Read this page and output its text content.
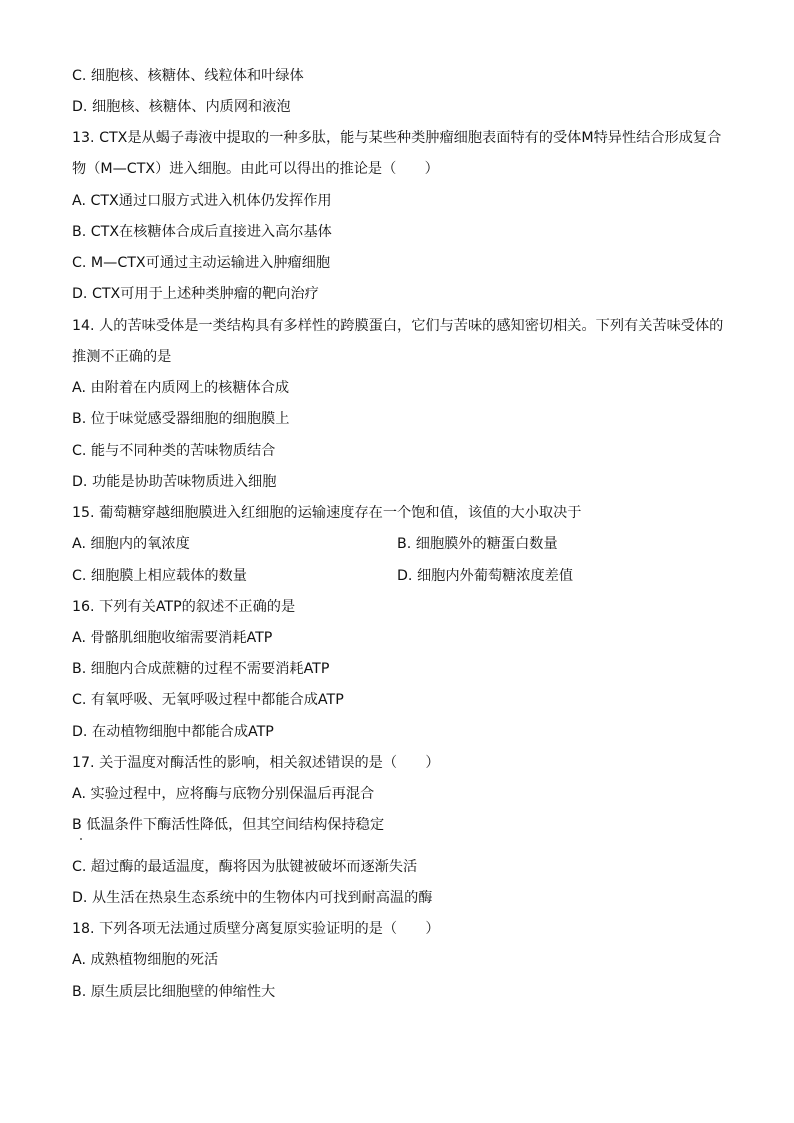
C. 细胞核、核糖体、线粒体和叶绿体
D. 细胞核、核糖体、内质网和液泡
13. CTX是从蝎子毒液中提取的一种多肽，能与某些种类肿瘤细胞表面特有的受体M特异性结合形成复合
物（M—CTX）进入细胞。由此可以得出的推论是（　　）
A. CTX通过口服方式进入机体仍发挥作用
B. CTX在核糖体合成后直接进入高尔基体
C. M—CTX可通过主动运输进入肿瘤细胞
D. CTX可用于上述种类肿瘤的靶向治疗
14. 人的苦味受体是一类结构具有多样性的跨膜蛋白，它们与苦味的感知密切相关。下列有关苦味受体的
推测不正确的是
A. 由附着在内质网上的核糖体合成
B. 位于味觉感受器细胞的细胞膜上
C. 能与不同种类的苦味物质结合
D. 功能是协助苦味物质进入细胞
15. 葡萄糖穿越细胞膜进入红细胞的运输速度存在一个饱和值，该值的大小取决于
A. 细胞内的氧浓度	B. 细胞膜外的糖蛋白数量
C. 细胞膜上相应载体的数量	D. 细胞内外葡萄糖浓度差值
16. 下列有关ATP的叙述不正确的是
A. 骨骼肌细胞收缩需要消耗ATP
B. 细胞内合成蔗糖的过程不需要消耗ATP
C. 有氧呼吸、无氧呼吸过程中都能合成ATP
D. 在动植物细胞中都能合成ATP
17. 关于温度对酶活性的影响，相关叙述错误的是（　　）
A. 实验过程中，应将酶与底物分别保温后再混合
B 低温条件下酶活性降低，但其空间结构保持稳定
C. 超过酶的最适温度，酶将因为肽键被破坏而逐渐失活
D. 从生活在热泉生态系统中的生物体内可找到耐高温的酶
18. 下列各项无法通过质壁分离复原实验证明的是（　　）
A. 成熟植物细胞的死活
B. 原生质层比细胞壁的伸缩性大
